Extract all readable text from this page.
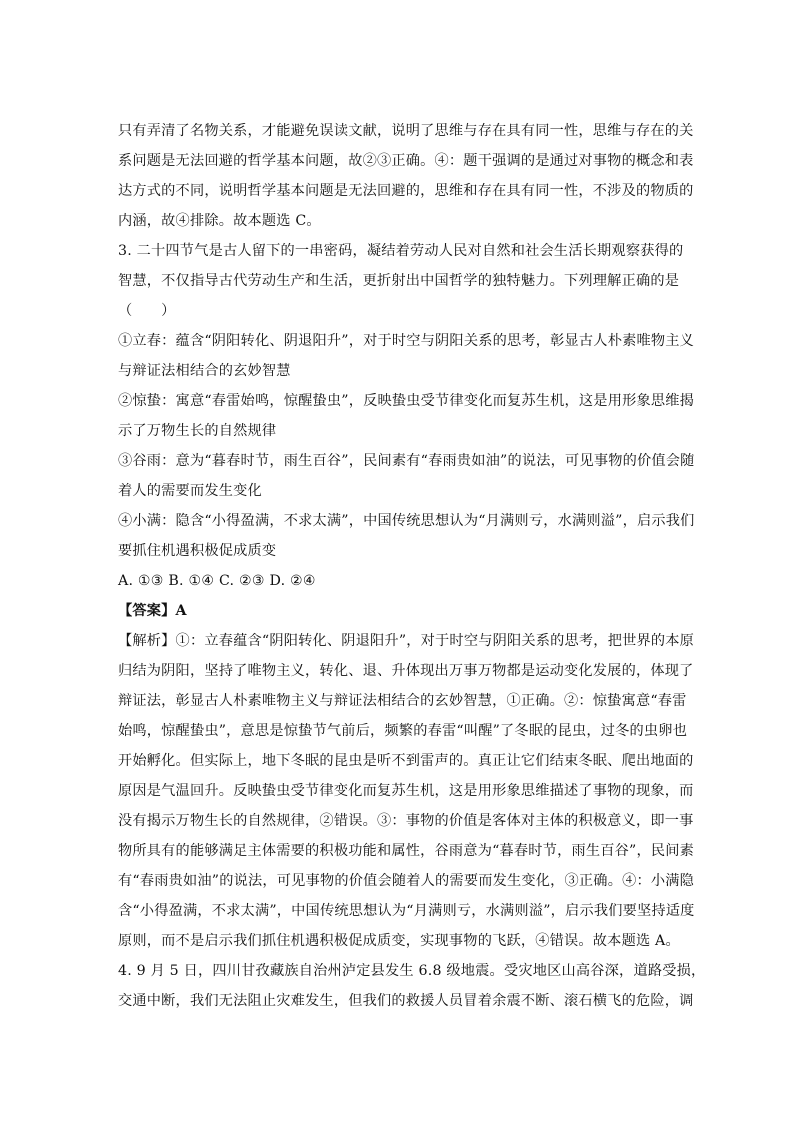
只有弄清了名物关系，才能避免误读文献，说明了思维与存在具有同一性，思维与存在的关
系问题是无法回避的哲学基本问题，故②③正确。④：题干强调的是通过对事物的概念和表
达方式的不同，说明哲学基本问题是无法回避的，思维和存在具有同一性，不涉及的物质的
内涵，故④排除。故本题选 C。
3. 二十四节气是古人留下的一串密码，凝结着劳动人民对自然和社会生活长期观察获得的
智慧，不仅指导古代劳动生产和生活，更折射出中国哲学的独特魅力。下列理解正确的是
（　　）
①立春：蕴含“阴阳转化、阴退阳升”，对于时空与阴阳关系的思考，彰显古人朴素唯物主义
与辩证法相结合的玄妙智慧
②惊蛰：寓意“春雷始鸣，惊醒蛰虫”，反映蛰虫受节律变化而复苏生机，这是用形象思维揭
示了万物生长的自然规律
③谷雨：意为“暮春时节，雨生百谷”，民间素有“春雨贵如油”的说法，可见事物的价值会随
着人的需要而发生变化
④小满：隐含“小得盈满，不求太满”，中国传统思想认为“月满则亏，水满则溢”，启示我们
要抓住机遇积极促成质变
A. ①③ B. ①④ C. ②③ D. ②④
【答案】A
【解析】①：立春蕴含“阴阳转化、阴退阳升”，对于时空与阴阳关系的思考，把世界的本原
归结为阴阳，坚持了唯物主义，转化、退、升体现出万事万物都是运动变化发展的，体现了
辩证法，彰显古人朴素唯物主义与辩证法相结合的玄妙智慧，①正确。②：惊蛰寓意“春雷
始鸣，惊醒蛰虫”，意思是惊蛰节气前后，频繁的春雷“叫醒”了冬眠的昆虫，过冬的虫卵也
开始孵化。但实际上，地下冬眠的昆虫是听不到雷声的。真正让它们结束冬眠、爬出地面的
原因是气温回升。反映蛰虫受节律变化而复苏生机，这是用形象思维描述了事物的现象，而
没有揭示万物生长的自然规律，②错误。③：事物的价值是客体对主体的积极意义，即一事
物所具有的能够满足主体需要的积极功能和属性，谷雨意为“暮春时节，雨生百谷”，民间素
有“春雨贵如油”的说法，可见事物的价值会随着人的需要而发生变化，③正确。④：小满隐
含“小得盈满，不求太满”，中国传统思想认为“月满则亏，水满则溢”，启示我们要坚持适度
原则，而不是启示我们抓住机遇积极促成质变，实现事物的飞跃，④错误。故本题选 A。
4. 9 月 5 日，四川甘孜藏族自治州泸定县发生 6.8 级地震。受灾地区山高谷深，道路受损，
交通中断，我们无法阻止灾难发生，但我们的救援人员冒着余震不断、滚石横飞的危险，调
